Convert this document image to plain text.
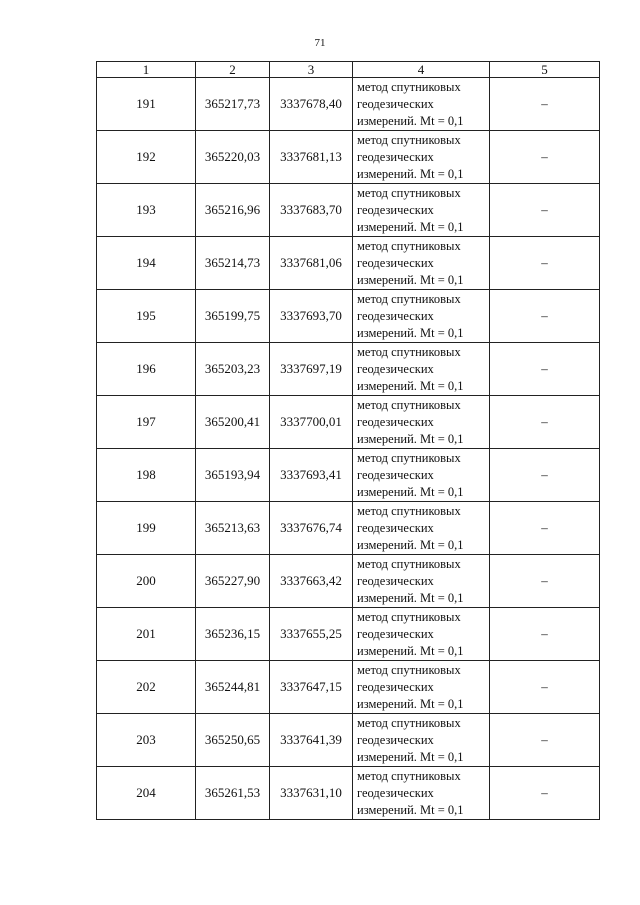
71
1	2	3	4	5
191	365217,73	3337678,40	метод спутниковых
геодезических
измерений. Mt = 0,1	–
192	365220,03	3337681,13	метод спутниковых
геодезических
измерений. Mt = 0,1	–
193	365216,96	3337683,70	метод спутниковых
геодезических
измерений. Mt = 0,1	–
194	365214,73	3337681,06	метод спутниковых
геодезических
измерений. Mt = 0,1	–
195	365199,75	3337693,70	метод спутниковых
геодезических
измерений. Mt = 0,1	–
196	365203,23	3337697,19	метод спутниковых
геодезических
измерений. Mt = 0,1	–
197	365200,41	3337700,01	метод спутниковых
геодезических
измерений. Mt = 0,1	–
198	365193,94	3337693,41	метод спутниковых
геодезических
измерений. Mt = 0,1	–
199	365213,63	3337676,74	метод спутниковых
геодезических
измерений. Mt = 0,1	–
200	365227,90	3337663,42	метод спутниковых
геодезических
измерений. Mt = 0,1	–
201	365236,15	3337655,25	метод спутниковых
геодезических
измерений. Mt = 0,1	–
202	365244,81	3337647,15	метод спутниковых
геодезических
измерений. Mt = 0,1	–
203	365250,65	3337641,39	метод спутниковых
геодезических
измерений. Mt = 0,1	–
204	365261,53	3337631,10	метод спутниковых
геодезических
измерений. Mt = 0,1	–
